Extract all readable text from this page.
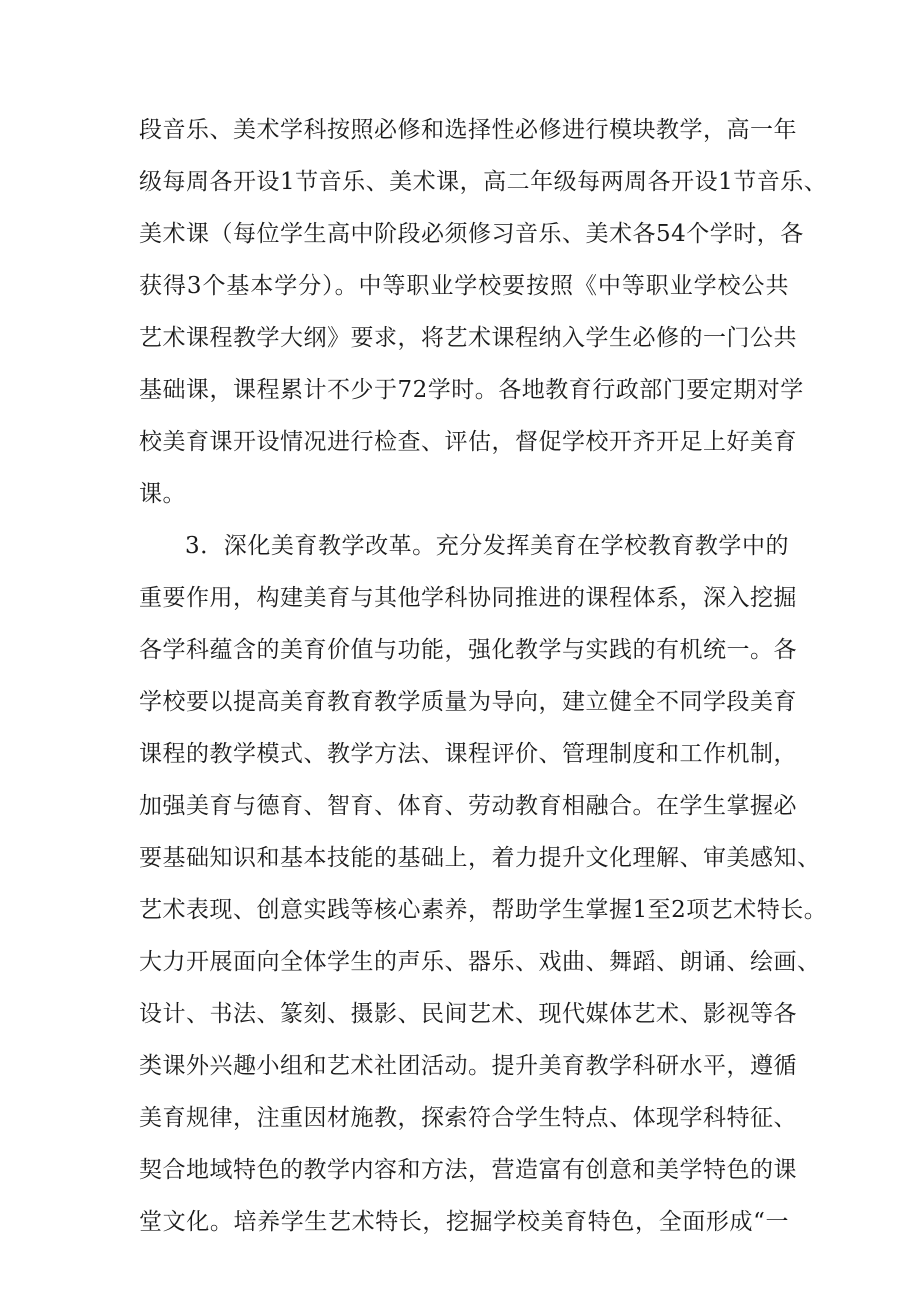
段音乐、美术学科按照必修和选择性必修进行模块教学，高一年
级每周各开设1节音乐、美术课，高二年级每两周各开设1节音乐、
美术课（每位学生高中阶段必须修习音乐、美术各54个学时，各
获得3个基本学分）。中等职业学校要按照《中等职业学校公共
艺术课程教学大纲》要求，将艺术课程纳入学生必修的一门公共
基础课，课程累计不少于72学时。各地教育行政部门要定期对学
校美育课开设情况进行检查、评估，督促学校开齐开足上好美育
课。
3．深化美育教学改革。充分发挥美育在学校教育教学中的
重要作用，构建美育与其他学科协同推进的课程体系，深入挖掘
各学科蕴含的美育价值与功能，强化教学与实践的有机统一。各
学校要以提高美育教育教学质量为导向，建立健全不同学段美育
课程的教学模式、教学方法、课程评价、管理制度和工作机制，
加强美育与德育、智育、体育、劳动教育相融合。在学生掌握必
要基础知识和基本技能的基础上，着力提升文化理解、审美感知、
艺术表现、创意实践等核心素养，帮助学生掌握1至2项艺术特长。
大力开展面向全体学生的声乐、器乐、戏曲、舞蹈、朗诵、绘画、
设计、书法、篆刻、摄影、民间艺术、现代媒体艺术、影视等各
类课外兴趣小组和艺术社团活动。提升美育教学科研水平，遵循
美育规律，注重因材施教，探索符合学生特点、体现学科特征、
契合地域特色的教学内容和方法，营造富有创意和美学特色的课
堂文化。培养学生艺术特长，挖掘学校美育特色，全面形成“一
